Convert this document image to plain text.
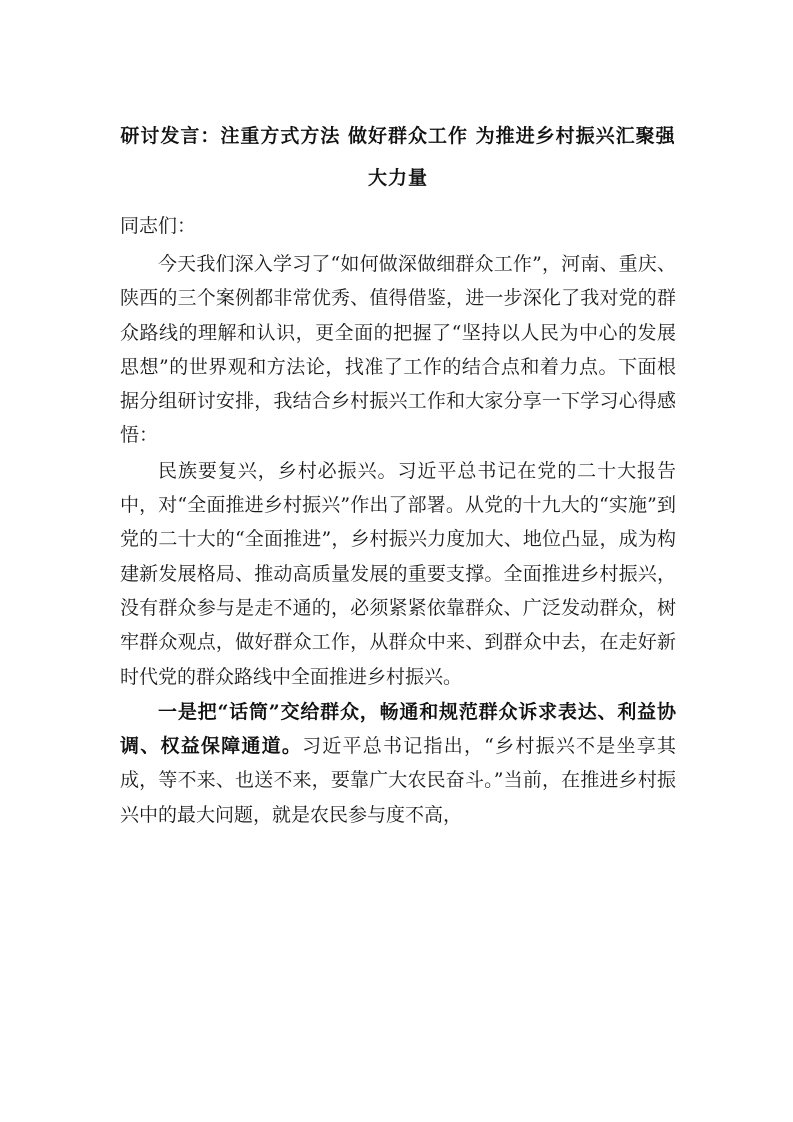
研讨发言：注重方式方法 做好群众工作 为推进乡村振兴汇聚强大力量

同志们：

今天我们深入学习了“如何做深做细群众工作”，河南、重庆、陕西的三个案例都非常优秀、值得借鉴，进一步深化了我对党的群众路线的理解和认识，更全面的把握了“坚持以人民为中心的发展思想”的世界观和方法论，找准了工作的结合点和着力点。下面根据分组研讨安排，我结合乡村振兴工作和大家分享一下学习心得感悟：

民族要复兴，乡村必振兴。习近平总书记在党的二十大报告中，对“全面推进乡村振兴”作出了部署。从党的十九大的“实施”到党的二十大的“全面推进”，乡村振兴力度加大、地位凸显，成为构建新发展格局、推动高质量发展的重要支撑。全面推进乡村振兴，没有群众参与是走不通的，必须紧紧依靠群众、广泛发动群众，树牢群众观点，做好群众工作，从群众中来、到群众中去，在走好新时代党的群众路线中全面推进乡村振兴。

一是把“话筒”交给群众，畅通和规范群众诉求表达、利益协调、权益保障通道。习近平总书记指出，“乡村振兴不是坐享其成，等不来、也送不来，要靠广大农民奋斗。”当前，在推进乡村振兴中的最大问题，就是农民参与度不高，
